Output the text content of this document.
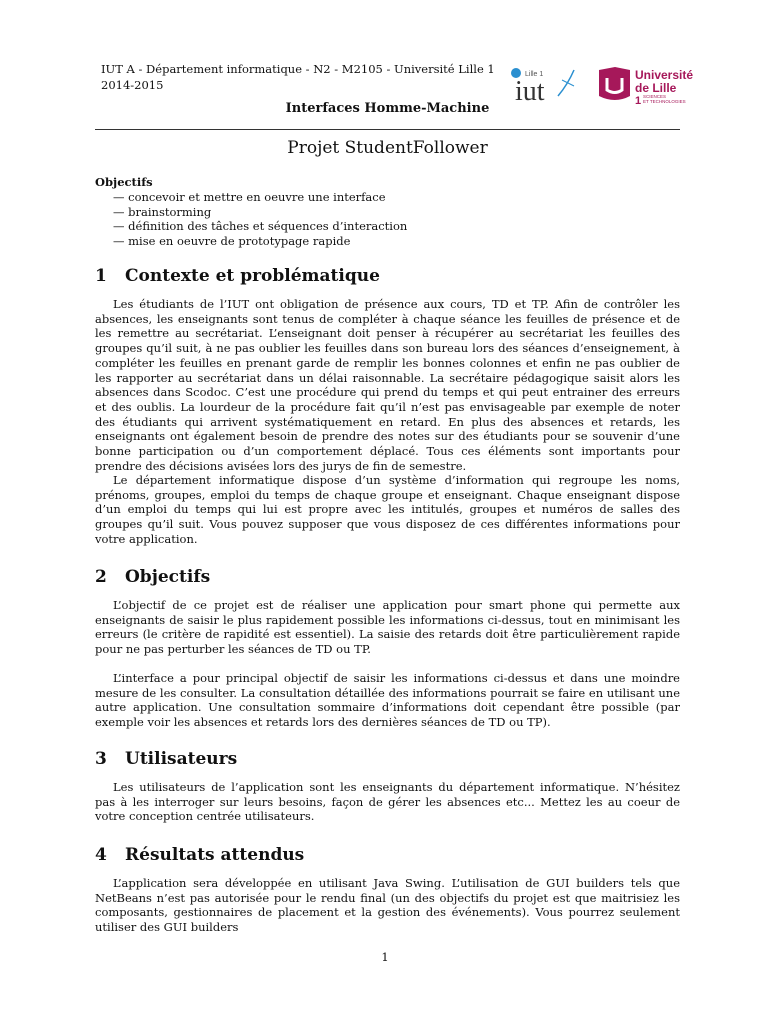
IUT A - Département informatique - N2 - M2105 - Université Lille 1
2014-2015
Lille 1
iut
Université
de Lille
1 SCIENCES
ET TECHNOLOGIES
Interfaces Homme-Machine
Projet StudentFollower
Objectifs
— concevoir et mettre en oeuvre une interface
— brainstorming
— définition des tâches et séquences d’interaction
— mise en oeuvre de prototypage rapide
1 Contexte et problématique

Les étudiants de l’IUT ont obligation de présence aux cours, TD et TP. Afin de contrôler les absences, les enseignants sont tenus de compléter à chaque séance les feuilles de présence et de les remettre au secrétariat. L’enseignant doit penser à récupérer au secrétariat les feuilles des groupes qu’il suit, à ne pas oublier les feuilles dans son bureau lors des séances d’enseignement, à compléter les feuilles en prenant garde de remplir les bonnes colonnes et enfin ne pas oublier de les rapporter au secrétariat dans un délai raisonnable. La secrétaire pédagogique saisit alors les absences dans Scodoc. C’est une procédure qui prend du temps et qui peut entrainer des erreurs et des oublis. La lourdeur de la procédure fait qu’il n’est pas envisageable par exemple de noter des étudiants qui arrivent systématiquement en retard. En plus des absences et retards, les enseignants ont également besoin de prendre des notes sur des étudiants pour se souvenir d’une bonne participation ou d’un comportement déplacé. Tous ces éléments sont importants pour prendre des décisions avisées lors des jurys de fin de semestre.

Le département informatique dispose d’un système d’information qui regroupe les noms, prénoms, groupes, emploi du temps de chaque groupe et enseignant. Chaque enseignant dispose d’un emploi du temps qui lui est propre avec les intitulés, groupes et numéros de salles des groupes qu’il suit. Vous pouvez supposer que vous disposez de ces différentes informations pour votre application.

2 Objectifs

L’objectif de ce projet est de réaliser une application pour smart phone qui permette aux enseignants de saisir le plus rapidement possible les informations ci-dessus, tout en minimisant les erreurs (le critère de rapidité est essentiel). La saisie des retards doit être particulièrement rapide pour ne pas perturber les séances de TD ou TP.

L’interface a pour principal objectif de saisir les informations ci-dessus et dans une moindre mesure de les consulter. La consultation détaillée des informations pourrait se faire en utilisant une autre application. Une consultation sommaire d’informations doit cependant être possible (par exemple voir les absences et retards lors des dernières séances de TD ou TP).

3 Utilisateurs

Les utilisateurs de l’application sont les enseignants du département informatique. N’hésitez pas à les interroger sur leurs besoins, façon de gérer les absences etc... Mettez les au coeur de votre conception centrée utilisateurs.

4 Résultats attendus

L’application sera développée en utilisant Java Swing. L’utilisation de GUI builders tels que NetBeans n’est pas autorisée pour le rendu final (un des objectifs du projet est que maitrisiez les composants, gestionnaires de placement et la gestion des événements). Vous pourrez seulement utiliser des GUI builders

1
